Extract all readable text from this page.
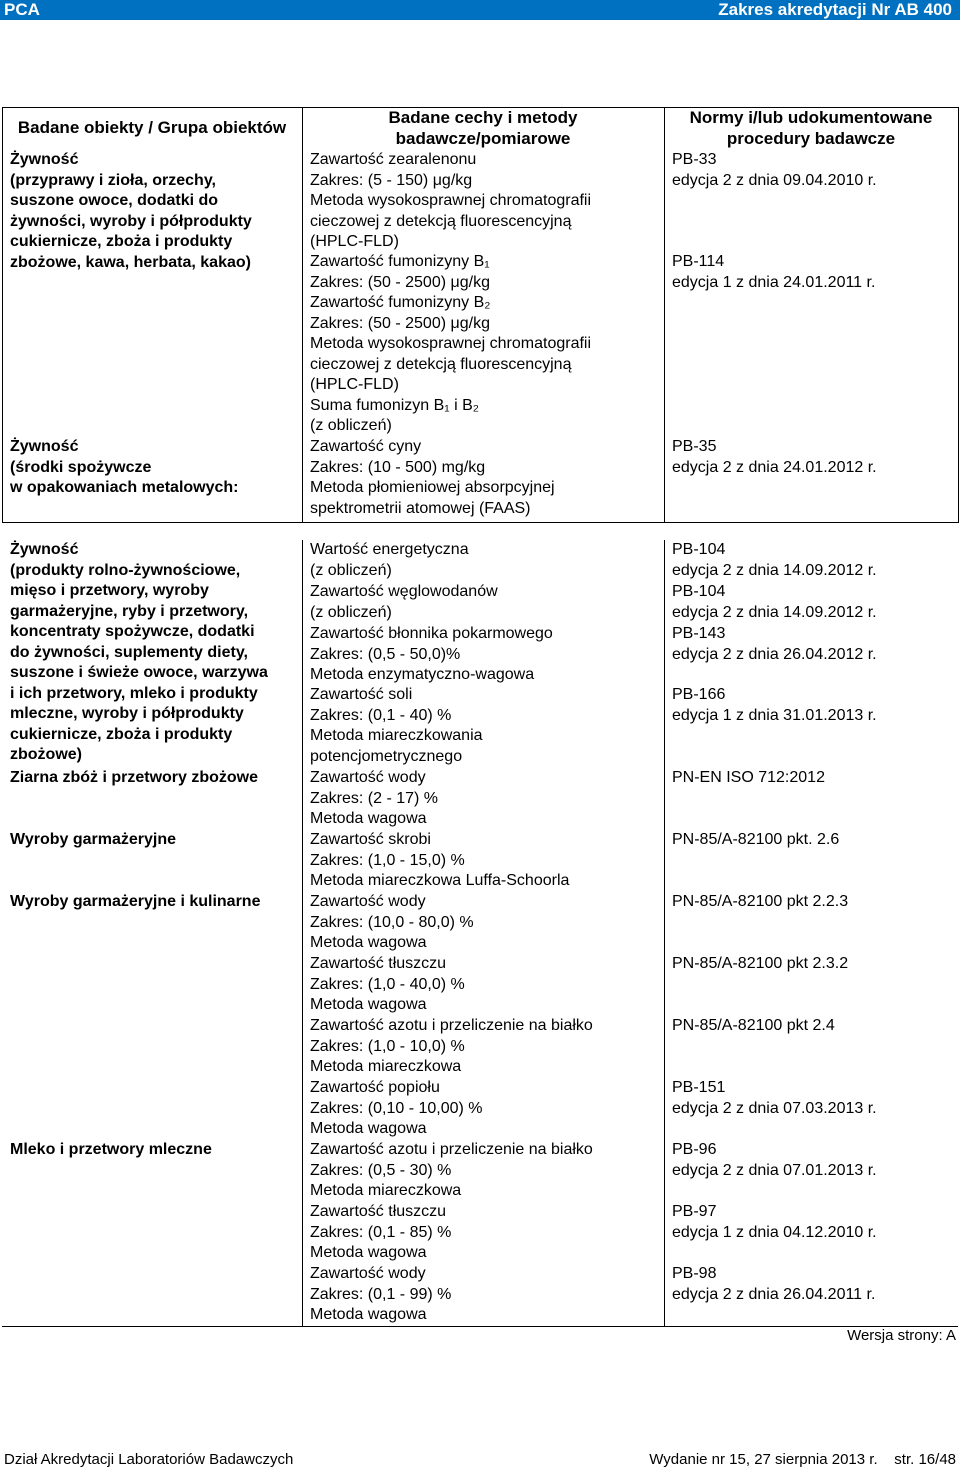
PCA	Zakres akredytacji Nr AB 400
Badane obiekty / Grupa obiektów
Badane cechy i metody
badawcze/pomiarowe
Normy i/lub udokumentowane
procedury badawcze
Żywność
(przyprawy i zioła, orzechy,
suszone owoce, dodatki do
żywności, wyroby i półprodukty
cukiernicze, zboża i produkty
zbożowe, kawa, herbata, kakao)
Żywność
(środki spożywcze
w opakowaniach metalowych:
Zawartość zearalenonu
Zakres: (5 - 150) μg/kg
Metoda wysokosprawnej chromatografii
cieczowej z detekcją fluorescencyjną
(HPLC-FLD)
Zawartość fumonizyny B₁
Zakres: (50 - 2500) μg/kg
Zawartość fumonizyny B₂
Zakres: (50 - 2500) μg/kg
Metoda wysokosprawnej chromatografii
cieczowej z detekcją fluorescencyjną
(HPLC-FLD)
Suma fumonizyn B₁ i B₂
(z obliczeń)
Zawartość cyny
Zakres: (10 - 500) mg/kg
Metoda płomieniowej absorpcyjnej
spektrometrii atomowej (FAAS)
PB-33
edycja 2 z dnia 09.04.2010 r.
PB-114
edycja 1 z dnia 24.01.2011 r.
PB-35
edycja 2 z dnia 24.01.2012 r.
Żywność
(produkty rolno-żywnościowe,
mięso i przetwory, wyroby
garmażeryjne, ryby i przetwory,
koncentraty spożywcze, dodatki
do żywności, suplementy diety,
suszone i świeże owoce, warzywa
i ich przetwory, mleko i produkty
mleczne, wyroby i półprodukty
cukiernicze, zboża i produkty
zbożowe)
Ziarna zbóż i przetwory zbożowe
Wyroby garmażeryjne
Wyroby garmażeryjne i kulinarne
Mleko i przetwory mleczne
Wartość energetyczna
(z obliczeń)
Zawartość węglowodanów
(z obliczeń)
Zawartość błonnika pokarmowego
Zakres: (0,5 - 50,0)%
Metoda enzymatyczno-wagowa
Zawartość soli
Zakres: (0,1 - 40) %
Metoda miareczkowania
potencjometrycznego
Zawartość wody
Zakres: (2 - 17) %
Metoda wagowa
Zawartość skrobi
Zakres: (1,0 - 15,0) %
Metoda miareczkowa Luffa-Schoorla
Zawartość wody
Zakres: (10,0 - 80,0) %
Metoda wagowa
Zawartość tłuszczu
Zakres: (1,0 - 40,0) %
Metoda wagowa
Zawartość azotu i przeliczenie na białko
Zakres: (1,0 - 10,0) %
Metoda miareczkowa
Zawartość popiołu
Zakres: (0,10 - 10,00) %
Metoda wagowa
Zawartość azotu i przeliczenie na białko
Zakres: (0,5 - 30) %
Metoda miareczkowa
Zawartość tłuszczu
Zakres: (0,1 - 85) %
Metoda wagowa
Zawartość wody
Zakres: (0,1 - 99) %
Metoda wagowa
PB-104
edycja 2 z dnia 14.09.2012 r.
PB-104
edycja 2 z dnia 14.09.2012 r.
PB-143
edycja 2 z dnia 26.04.2012 r.
PB-166
edycja 1 z dnia 31.01.2013 r.
PN-EN ISO 712:2012
PN-85/A-82100 pkt. 2.6
PN-85/A-82100 pkt 2.2.3
PN-85/A-82100 pkt 2.3.2
PN-85/A-82100 pkt 2.4
PB-151
edycja 2 z dnia 07.03.2013 r.
PB-96
edycja 2 z dnia 07.01.2013 r.
PB-97
edycja 1 z dnia 04.12.2010 r.
PB-98
edycja 2 z dnia 26.04.2011 r.
Wersja strony: A
Dział Akredytacji Laboratoriów Badawczych	Wydanie nr 15, 27 sierpnia 2013 r.    str. 16/48
